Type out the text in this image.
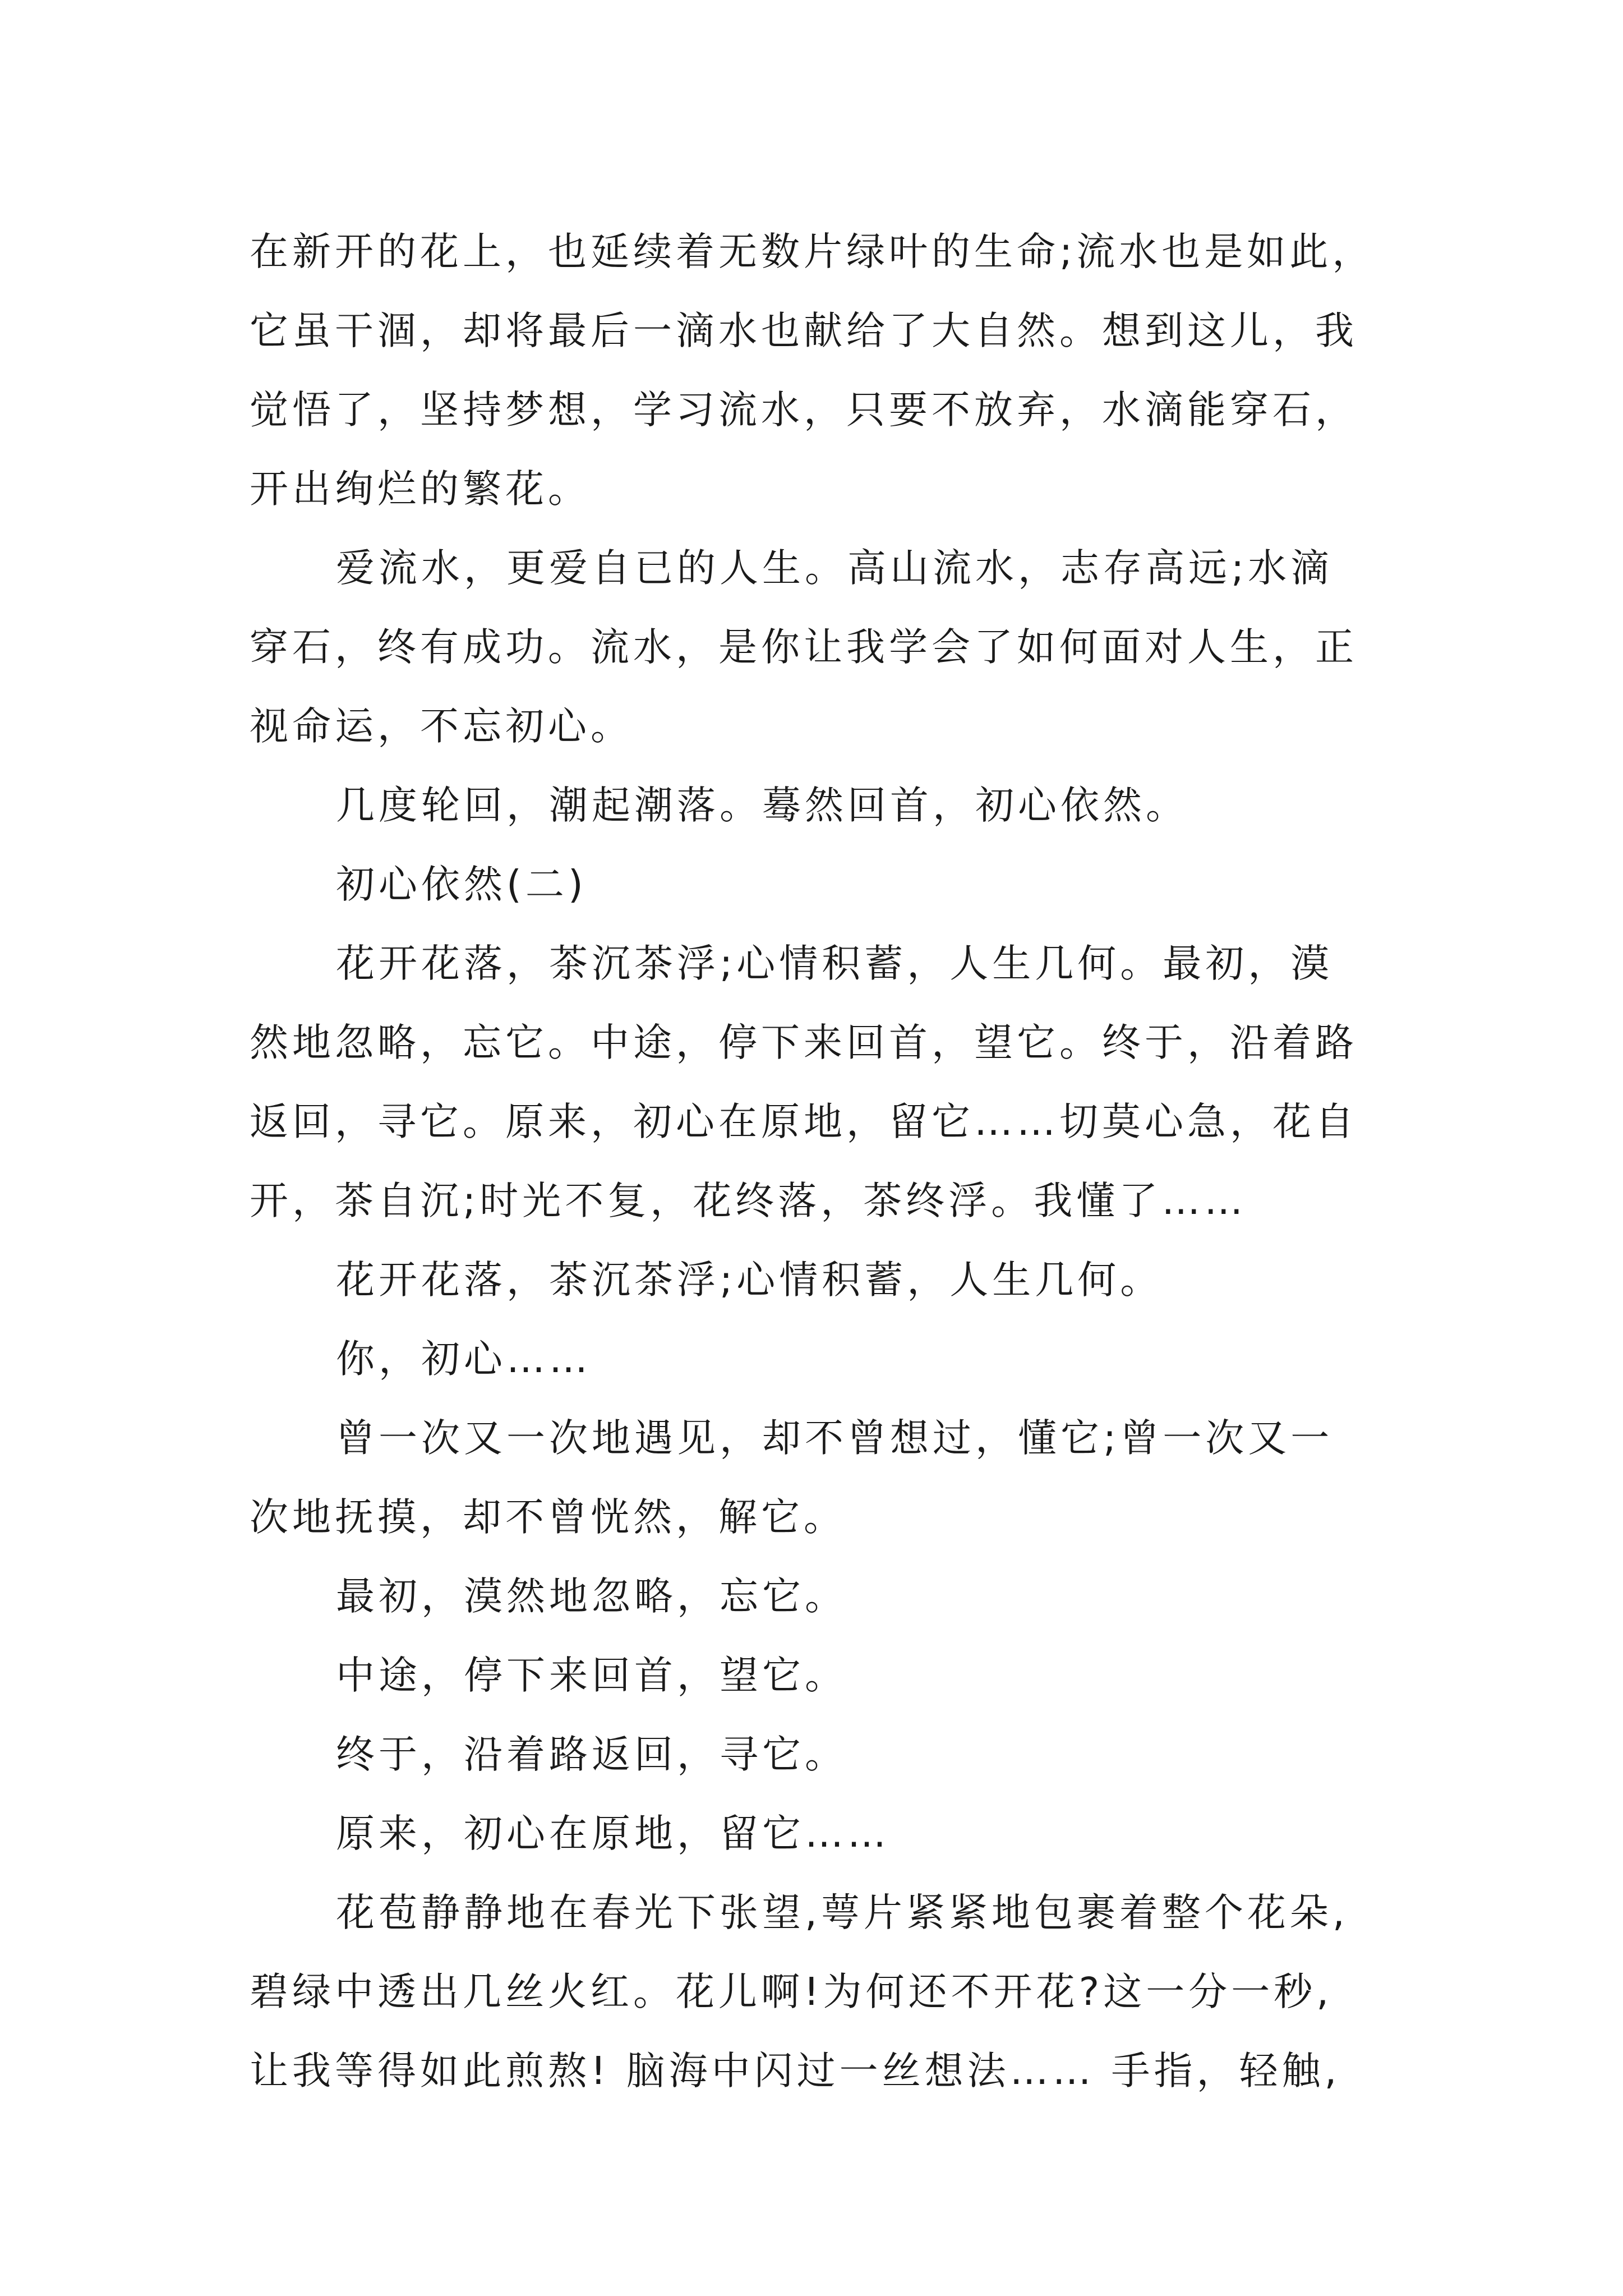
在新开的花上，也延续着无数片绿叶的生命;流水也是如此，
它虽干涸，却将最后一滴水也献给了大自然。想到这儿，我
觉悟了，坚持梦想，学习流水，只要不放弃，水滴能穿石，
开出绚烂的繁花。
爱流水，更爱自已的人生。高山流水，志存高远;水滴
穿石，终有成功。流水，是你让我学会了如何面对人生，正
视命运，不忘初心。
几度轮回，潮起潮落。蓦然回首，初心依然。
初心依然(二)
花开花落，茶沉茶浮;心情积蓄，人生几何。最初，漠
然地忽略，忘它。中途，停下来回首，望它。终于，沿着路
返回，寻它。原来，初心在原地，留它……切莫心急，花自
开，茶自沉;时光不复，花终落，茶终浮。我懂了……
花开花落，茶沉茶浮;心情积蓄，人生几何。
你，初心……
曾一次又一次地遇见，却不曾想过，懂它;曾一次又一
次地抚摸，却不曾恍然，解它。
最初，漠然地忽略，忘它。
中途，停下来回首，望它。
终于，沿着路返回，寻它。
原来，初心在原地，留它……
花苞静静地在春光下张望,萼片紧紧地包裹着整个花朵,
碧绿中透出几丝火红。花儿啊!为何还不开花?这一分一秒,
让我等得如此煎熬! 脑海中闪过一丝想法…… 手指，轻触,
